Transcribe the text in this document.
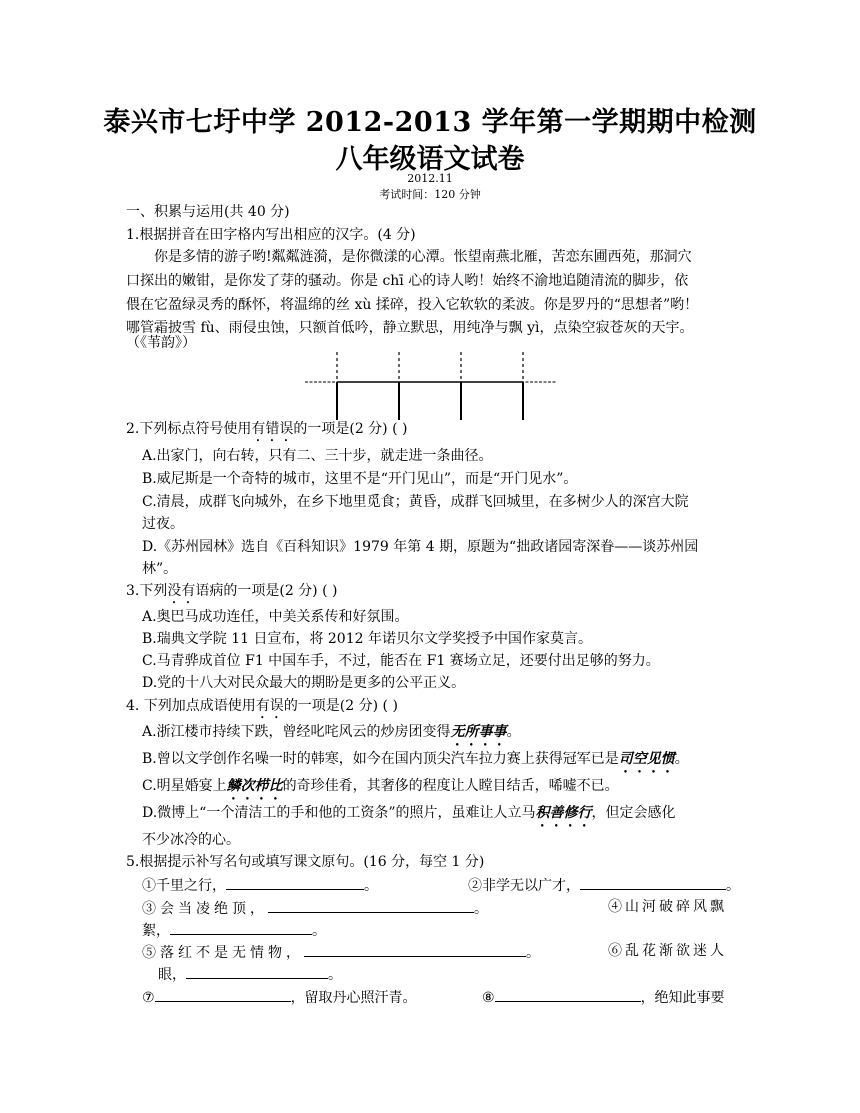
泰兴市七圩中学 2012-2013 学年第一学期期中检测
八年级语文试卷
2012.11
考试时间：120 分钟
一、积累与运用(共 40 分)
1.根据拼音在田字格内写出相应的汉字。(4 分)
你是多情的游子哟!粼粼涟漪，是你微漾的心潭。怅望南燕北雁，苦恋东圃西苑，那洞穴
口探出的嫩钳，是你发了芽的骚动。你是 chī 心的诗人哟！始终不渝地追随清流的脚步，依
偎在它盈绿灵秀的酥怀，将温绵的丝 xù 揉碎，投入它软软的柔波。你是罗丹的“思想者”哟！
哪管霜披雪 fù、雨侵虫蚀，只额首低吟，静立默思，用纯净与飘 yì，点染空寂苍灰的天宇。
（《苇韵》）
2.下列标点符号使用有错误的一项是(2 分) ( )
A.出家门，向右转，只有二、三十步，就走进一条曲径。
B.威尼斯是一个奇特的城市，这里不是“开门见山”，而是“开门见水”。
C.清晨，成群飞向城外，在乡下地里觅食；黄昏，成群飞回城里，在多树少人的深宫大院
过夜。
D.《苏州园林》选自《百科知识》1979 年第 4 期，原题为“拙政诸园寄深眷——谈苏州园
林”。
3.下列没有语病的一项是(2 分) ( )
A.奥巴马成功连任，中美关系传和好氛围。
B.瑞典文学院 11 日宣布，将 2012 年诺贝尔文学奖授予中国作家莫言。
C.马青骅成首位 F1 中国车手，不过，能否在 F1 赛场立足，还要付出足够的努力。
D.党的十八大对民众最大的期盼是更多的公平正义。
4. 下列加点成语使用有误的一项是(2 分) ( )
A.浙江楼市持续下跌，曾经叱咤风云的炒房团变得无所事事。
B.曾以文学创作名噪一时的韩寒，如今在国内顶尖汽车拉力赛上获得冠军已是司空见惯。
C.明星婚宴上鳞次栉比的奇珍佳肴，其奢侈的程度让人瞠目结舌，唏嘘不已。
D.微博上“一个清洁工的手和他的工资条”的照片，虽难让人立马积善修行，但定会感化
不少冰冷的心。
5.根据提示补写名句或填写课文原句。(16 分，每空 1 分)
①千里之行，	。	②非学无以广才，	。
③会当凌绝顶，	。	④山河破碎风飘
絮，	。
⑤落红不是无情物，	。	⑥乱花渐欲迷人
眼，	。
⑦	，留取丹心照汗青。	⑧	，绝知此事要
